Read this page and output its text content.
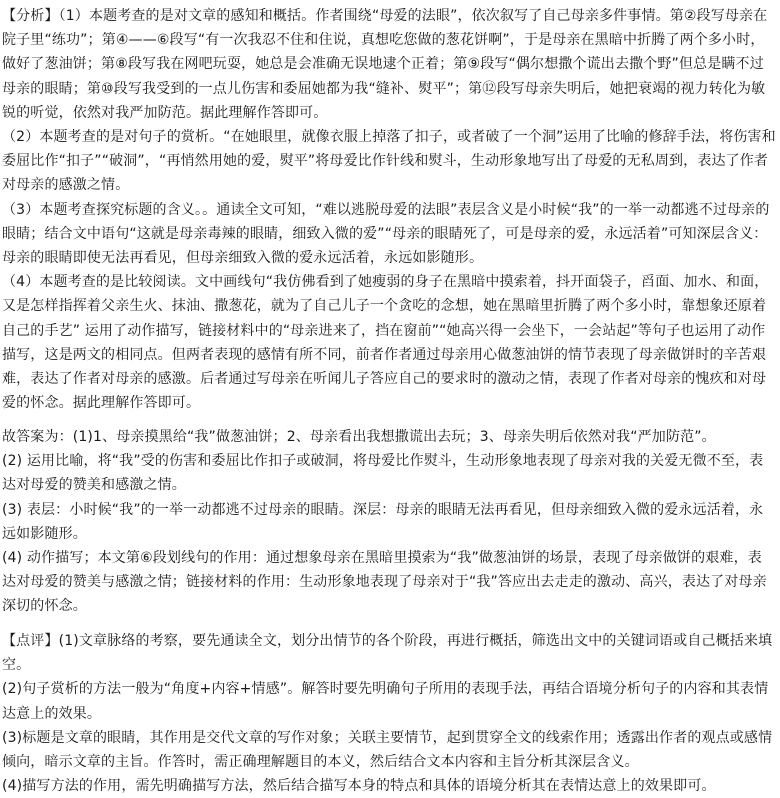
【分析】（1）本题考查的是对文章的感知和概括。作者围绕“母爱的法眼”，依次叙写了自己母亲多件事情。第②段写母亲在院子里“练功”；第④——⑥段写“有一次我忍不住和住说，真想吃您做的葱花饼啊”，于是母亲在黑暗中折腾了两个多小时，做好了葱油饼；第⑧段写我在网吧玩耍，她总是会准确无误地逮个正着；第⑨段写“偶尔想撒个谎出去撒个野”但总是瞒不过母亲的眼睛；第⑩段写我受到的一点儿伤害和委屈她都为我“缝补、熨平”；第⑫段写母亲失明后，她把衰竭的视力转化为敏锐的听觉，依然对我严加防范。据此理解作答即可。

（2）本题考查的是对句子的赏析。“在她眼里，就像衣服上掉落了扣子，或者破了一个洞”运用了比喻的修辞手法，将伤害和委屈比作“扣子”“破洞”，“再悄然用她的爱，熨平”将母爱比作针线和熨斗，生动形象地写出了母爱的无私周到，表达了作者对母亲的感激之情。

（3）本题考查探究标题的含义。。通读全文可知，“难以逃脱母爱的法眼”表层含义是小时候“我”的一举一动都逃不过母亲的眼睛；结合文中语句“这就是母亲毒辣的眼睛，细致入微的爱”“母亲的眼睛死了，可是母亲的爱，永远活着”可知深层含义：母亲的眼睛即使无法再看见，但母亲细致入微的爱永远活着，永远如影随形。

（4）本题考查的是比较阅读。文中画线句“我仿佛看到了她瘦弱的身子在黑暗中摸索着，抖开面袋子，舀面、加水、和面，又是怎样指挥着父亲生火、抹油、撒葱花，就为了自己儿子一个贪吃的念想，她在黑暗里折腾了两个多小时，靠想象还原着自己的手艺” 运用了动作描写，链接材料中的“母亲进来了，挡在窗前”“她高兴得一会坐下，一会站起”等句子也运用了动作描写，这是两文的相同点。但两者表现的感情有所不同，前者作者通过母亲用心做葱油饼的情节表现了母亲做饼时的辛苦艰难，表达了作者对母亲的感激。后者通过写母亲在听闻儿子答应自己的要求时的激动之情，表现了作者对母亲的愧疚和对母爱的怀念。据此理解作答即可。

故答案为：(1)1、母亲摸黑给“我”做葱油饼；2、母亲看出我想撒谎出去玩；3、母亲失明后依然对我“严加防范”。

(2) 运用比喻，将“我”受的伤害和委屈比作扣子或破洞，将母爱比作熨斗，生动形象地表现了母亲对我的关爱无微不至，表达对母爱的赞美和感激之情。

(3) 表层：小时候“我”的一举一动都逃不过母亲的眼睛。深层：母亲的眼睛无法再看见，但母亲细致入微的爱永远活着，永远如影随形。

(4) 动作描写；本文第⑥段划线句的作用：通过想象母亲在黑暗里摸索为“我”做葱油饼的场景，表现了母亲做饼的艰难，表达对母爱的赞美与感激之情；链接材料的作用：生动形象地表现了母亲对于“我”答应出去走走的激动、高兴，表达了对母亲深切的怀念。

【点评】(1)文章脉络的考察，要先通读全文，划分出情节的各个阶段，再进行概括，筛选出文中的关键词语或自己概括来填空。

(2)句子赏析的方法一般为“角度+内容+情感”。解答时要先明确句子所用的表现手法，再结合语境分析句子的内容和其表情达意上的效果。

(3)标题是文章的眼睛，其作用是交代文章的写作对象；关联主要情节，起到贯穿全文的线索作用；透露出作者的观点或感情倾向，暗示文章的主旨。作答时，需正确理解题目的本义，然后结合文本内容和主旨分析其深层含义。

(4)描写方法的作用，需先明确描写方法，然后结合描写本身的特点和具体的语境分析其在表情达意上的效果即可。
